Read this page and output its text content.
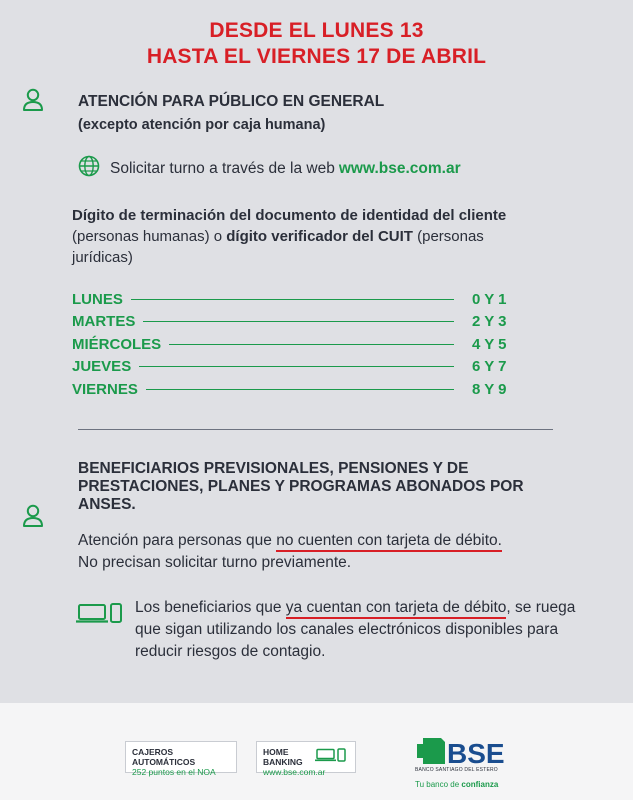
DESDE EL LUNES 13
HASTA EL VIERNES 17 DE ABRIL
ATENCIÓN PARA PÚBLICO EN GENERAL
(excepto atención por caja humana)
Solicitar turno a través de la web www.bse.com.ar
Dígito de terminación del documento de identidad del cliente (personas humanas) o dígito verificador del CUIT (personas jurídicas)
LUNES	0 Y 1
MARTES	2 Y 3
MIÉRCOLES	4 Y 5
JUEVES	6 Y 7
VIERNES	8 Y 9
BENEFICIARIOS PREVISIONALES, PENSIONES Y DE PRESTACIONES, PLANES Y PROGRAMAS ABONADOS POR ANSES.
Atención para personas que no cuenten con tarjeta de débito.
No precisan solicitar turno previamente.
Los beneficiarios que ya cuentan con tarjeta de débito, se ruega que sigan utilizando los canales electrónicos disponibles para reducir riesgos de contagio.
CAJEROS
AUTOMÁTICOS
252 puntos en el NOA
HOME BANKING
www.bse.com.ar
BSE
BANCO SANTIAGO DEL ESTERO
Tu banco de confianza
